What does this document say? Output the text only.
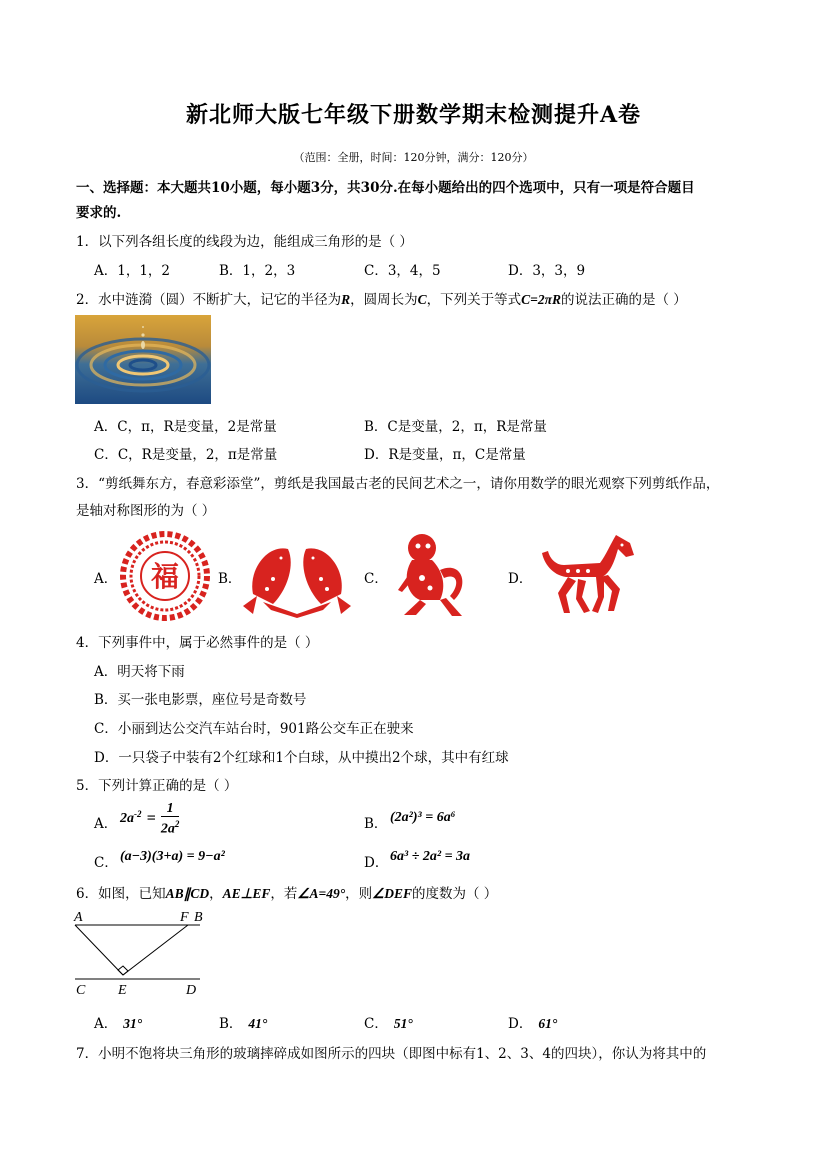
新北师大版七年级下册数学期末检测提升A卷
（范围：全册，时间：120分钟，满分：120分）
一、选择题：本大题共10小题，每小题3分，共30分.在每小题给出的四个选项中，只有一项是符合题目
要求的.
1．以下列各组长度的线段为边，能组成三角形的是（ ）
A．1，1，2	B．1，2，3	C．3，4，5	D．3，3，9
2．水中涟漪（圆）不断扩大，记它的半径为R，圆周长为C，下列关于等式C=2πR的说法正确的是（ ）
A．C，π，R是变量，2是常量	B．C是变量，2，π，R是常量
C．C，R是变量，2，π是常量	D．R是变量，π，C是常量
3．“剪纸舞东方，春意彩添堂”，剪纸是我国最古老的民间艺术之一，请你用数学的眼光观察下列剪纸作品，
是轴对称图形的为（ ）
A． 福	B．	C．	D．
4．下列事件中，属于必然事件的是（ ）
A．明天将下雨
B．买一张电影票，座位号是奇数号
C．小丽到达公交汽车站台时，901路公交车正在驶来
D．一只袋子中装有2个红球和1个白球，从中摸出2个球，其中有红球
5．下列计算正确的是（ ）
A． $2a^{-2} = \frac{1}{2a^2}$	B． (2a²)³ = 6a⁶
C． (a−3)(3+a) = 9−a²	D． 6a³ ÷ 2a² = 3a
6．如图，已知AB∥CD，AE⊥EF，若∠A=49°，则∠DEF的度数为（ ）
A	F B
C E	D
A． 31°	B． 41°	C． 51°	D． 61°
7．小明不饱将块三角形的玻璃摔碎成如图所示的四块（即图中标有1、2、3、4的四块），你认为将其中的
